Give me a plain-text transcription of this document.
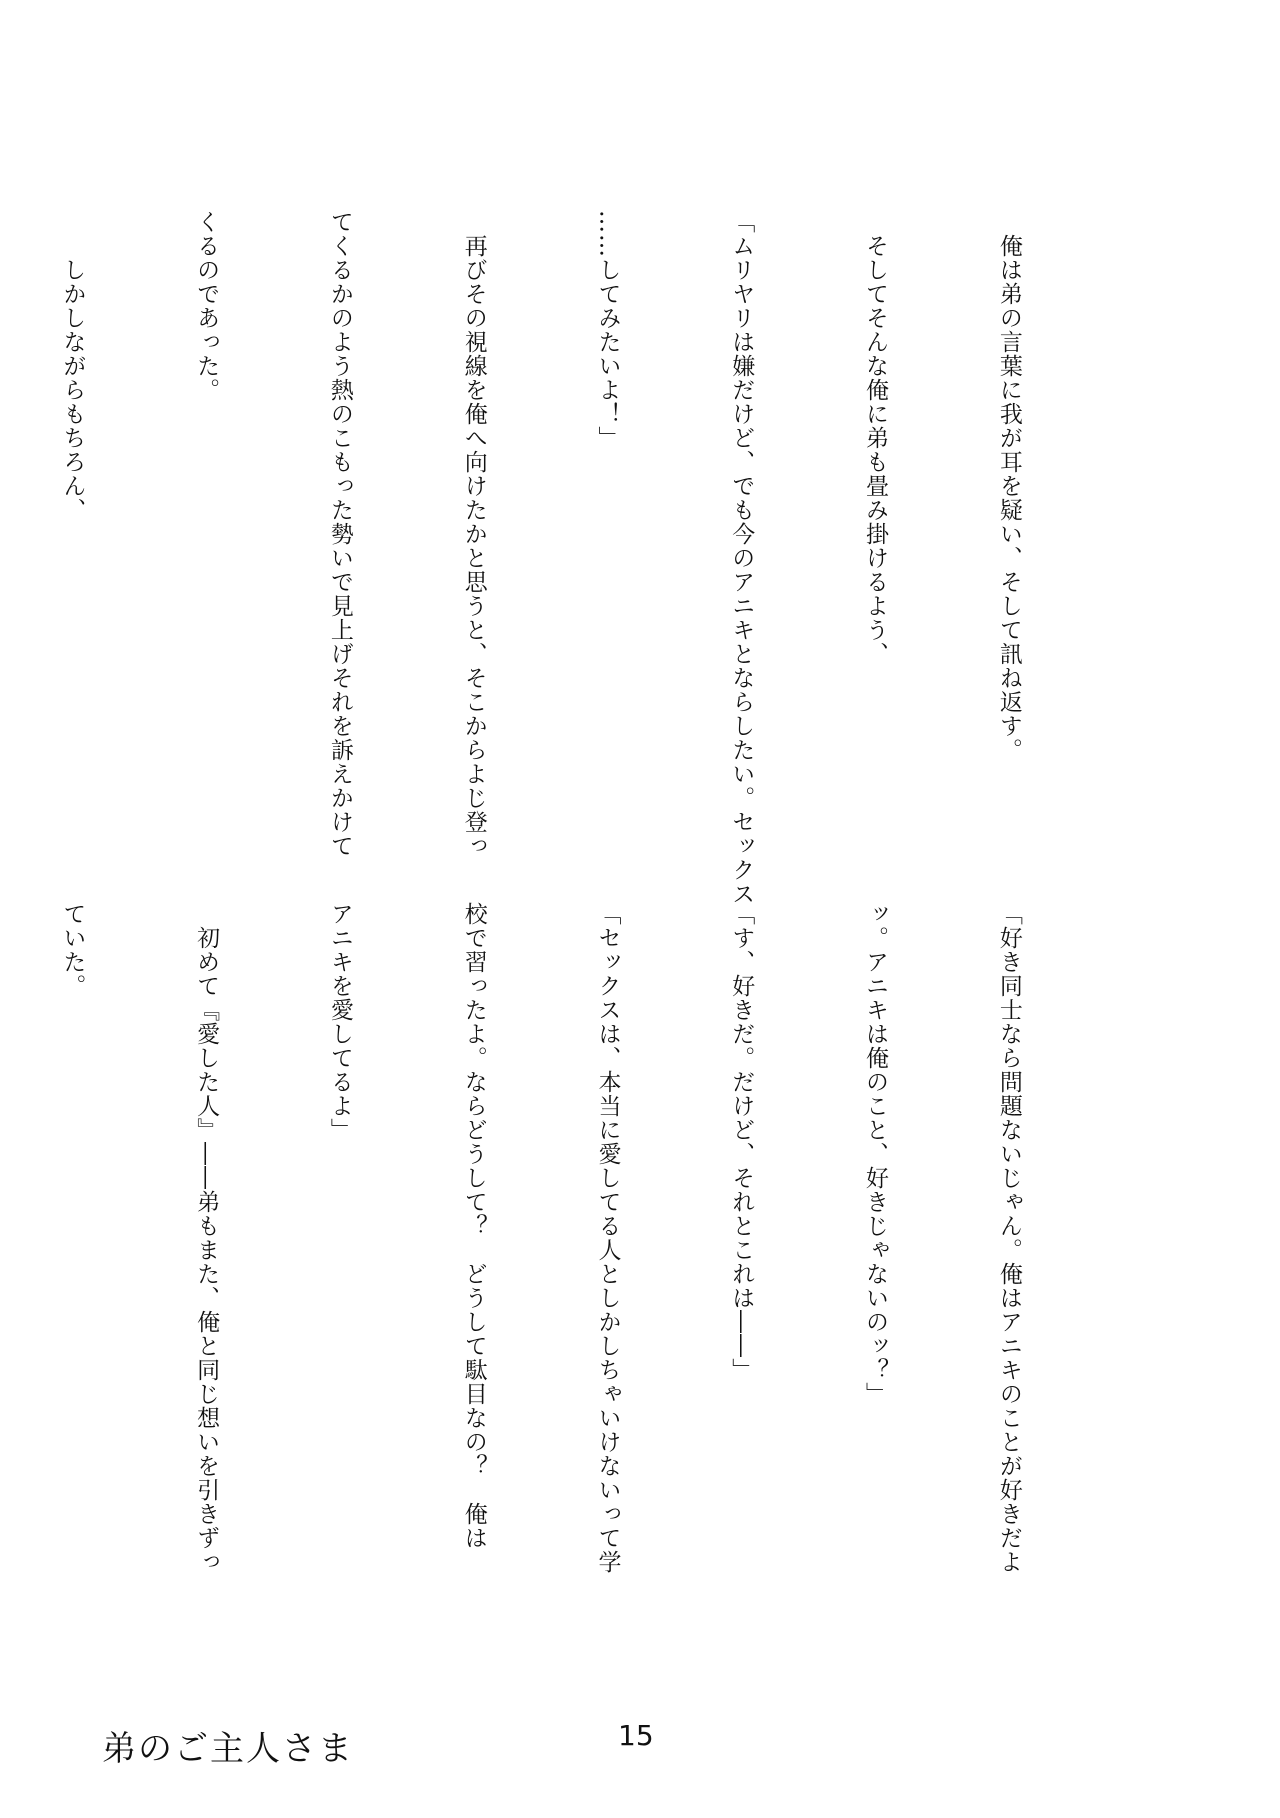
　俺は弟の言葉に我が耳を疑い、そして訊ね返す。

　そしてそんな俺に弟も畳み掛けるよう、

「ムリヤリは嫌だけど、でも今のアニキとならしたい。セックス

……してみたいよ！」

　再びその視線を俺へ向けたかと思うと、そこからよじ登っ

てくるかのよう熱のこもった勢いで見上げそれを訴えかけて

くるのであった。

　　しかしながらもちろん、

「好き同士なら問題ないじゃん。俺はアニキのことが好きだよ

ッ。アニキは俺のこと、好きじゃないのッ？」

「す、好きだ。だけど、それとこれは――」

「セックスは、本当に愛してる人としかしちゃいけないって学

校で習ったよ。ならどうして？　どうして駄目なの？　俺は

アニキを愛してるよ」

　初めて『愛した人』――弟もまた、俺と同じ想いを引きずっ

ていた。

弟のご主人さま	15
